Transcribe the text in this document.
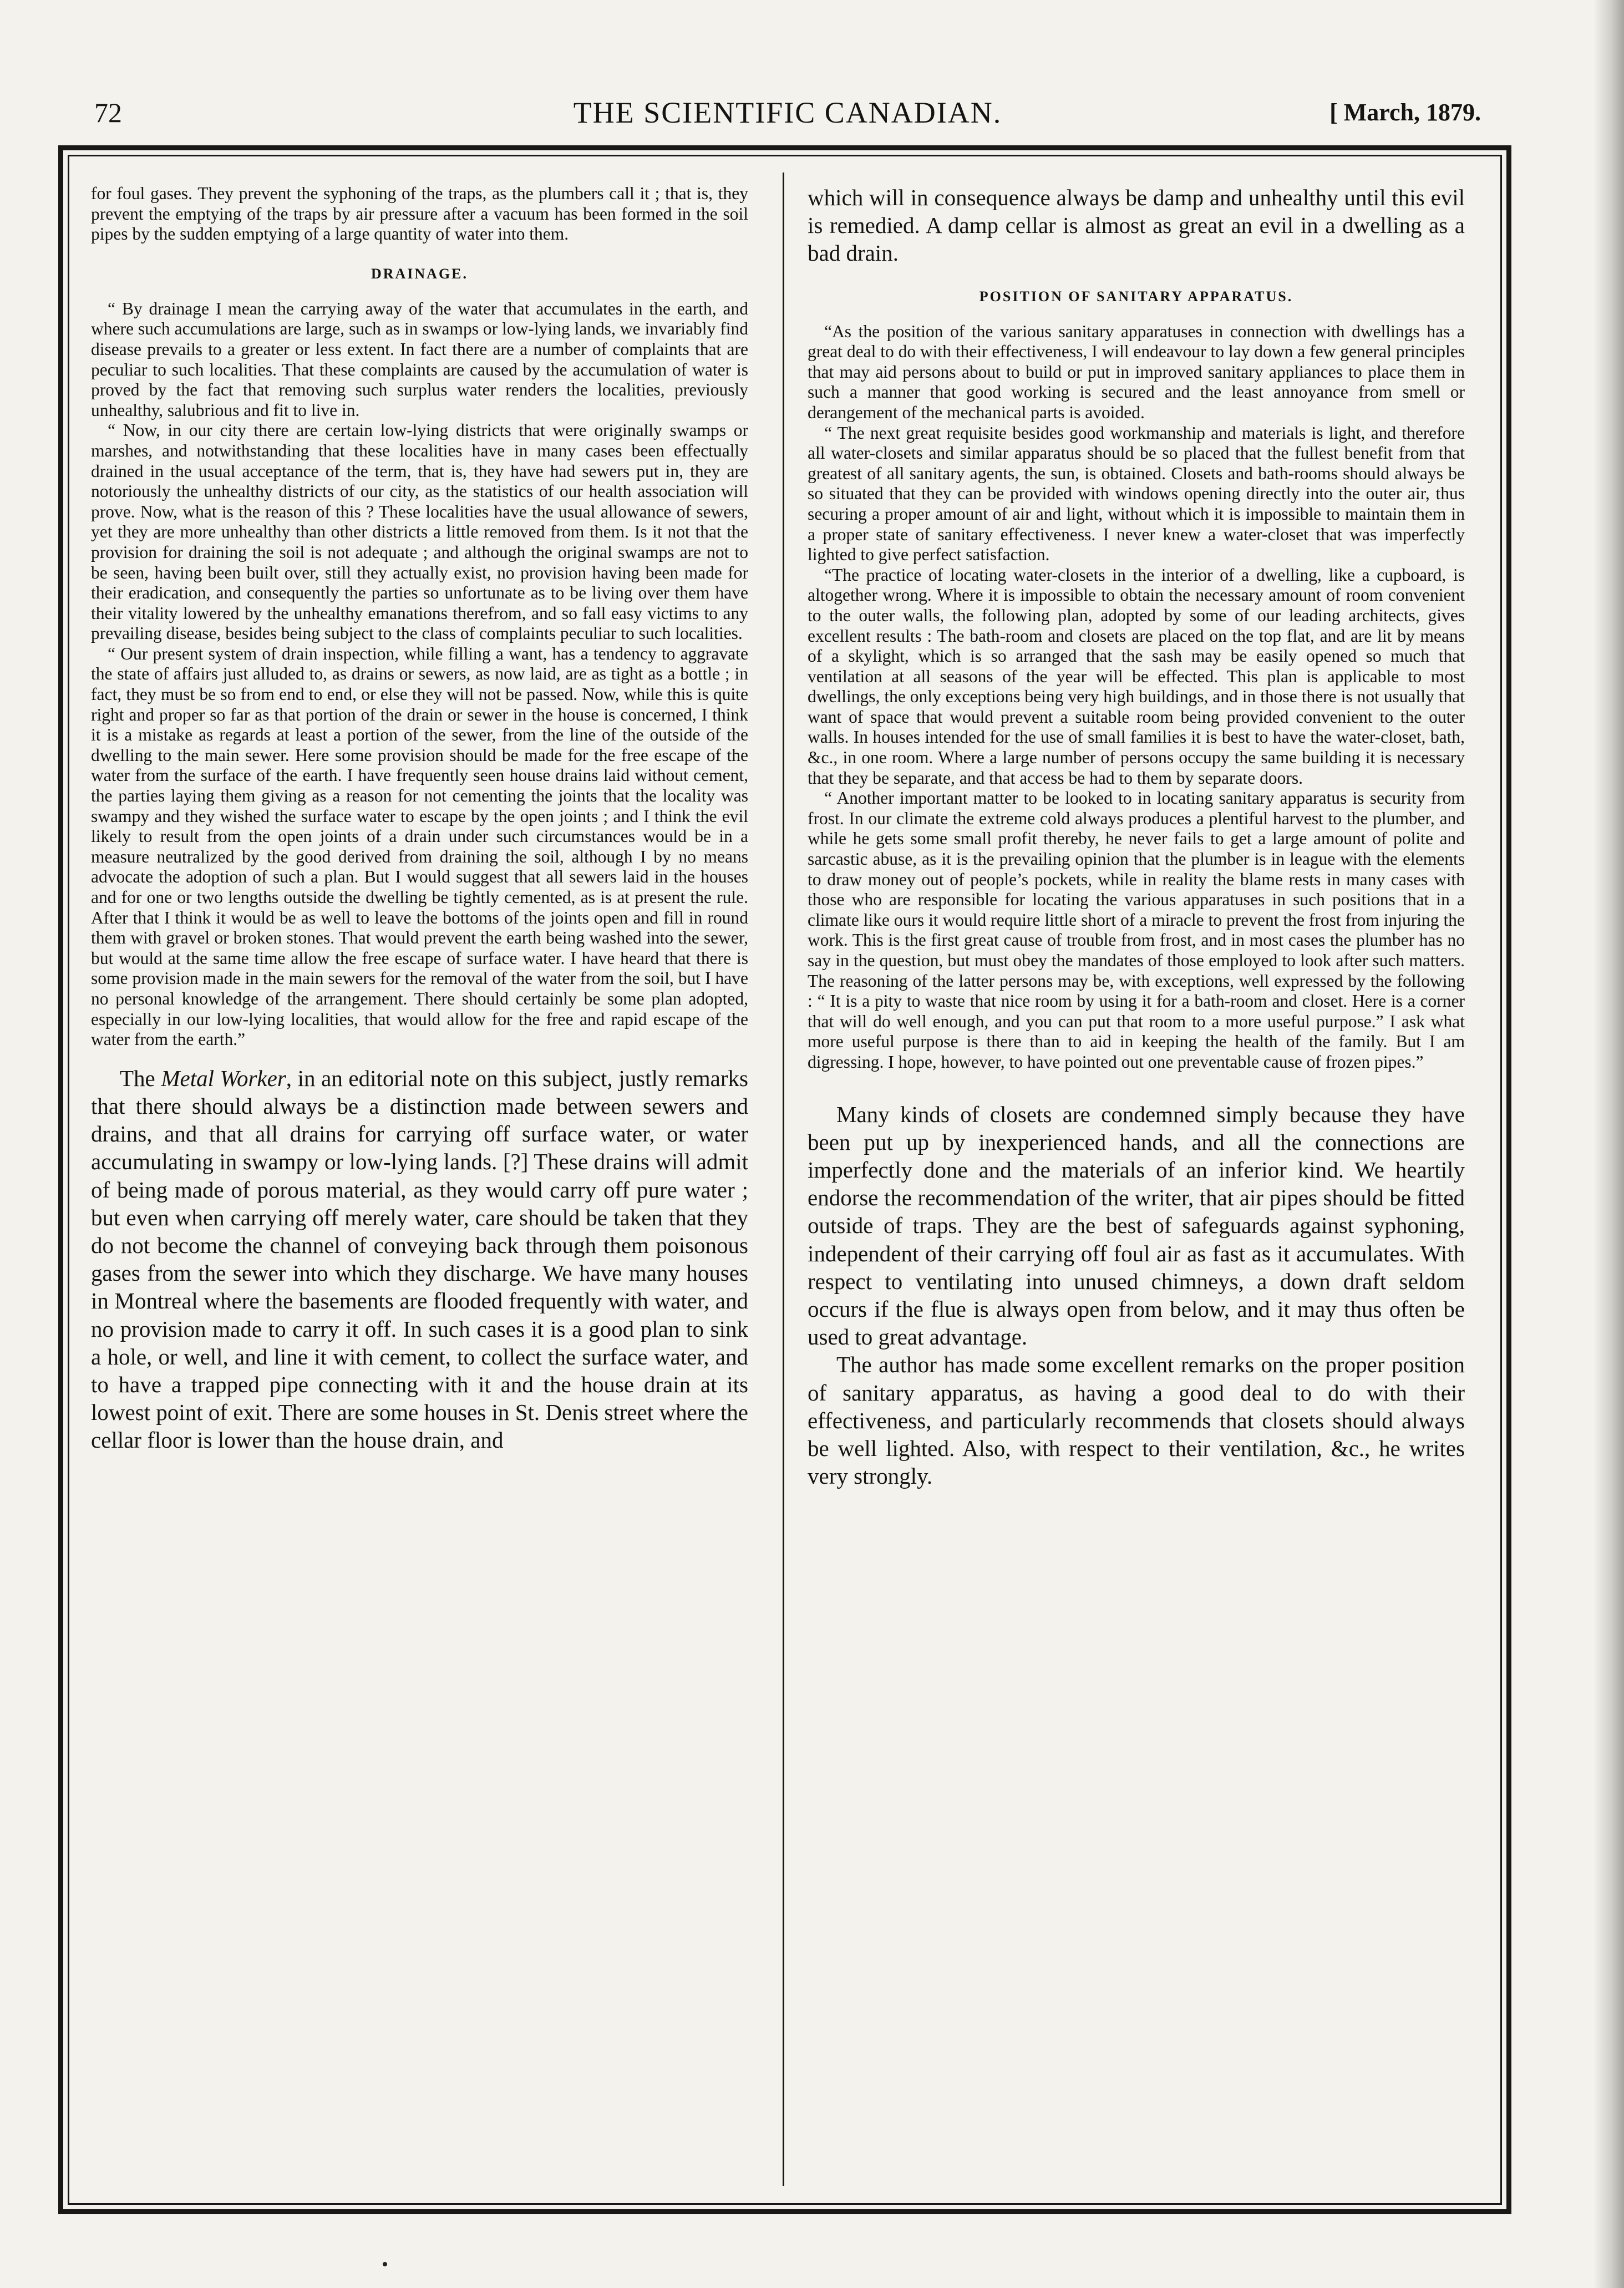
THE SCIENTIFIC CANADIAN.
72	[ March, 1879.

for foul gases. They prevent the syphoning of the traps, as the plumbers call it ; that is, they prevent the emptying of the traps by air pressure after a vacuum has been formed in the soil pipes by the sudden emptying of a large quantity of water into them.

DRAINAGE.

“ By drainage I mean the carrying away of the water that accumulates in the earth, and where such accumulations are large, such as in swamps or low-lying lands, we invariably find disease prevails to a greater or less extent. In fact there are a number of complaints that are peculiar to such localities. That these complaints are caused by the accumulation of water is proved by the fact that removing such surplus water renders the localities, previously unhealthy, salubrious and fit to live in.

“ Now, in our city there are certain low-lying districts that were originally swamps or marshes, and notwithstanding that these localities have in many cases been effectually drained in the usual acceptance of the term, that is, they have had sewers put in, they are notoriously the unhealthy districts of our city, as the statistics of our health association will prove. Now, what is the reason of this ? These localities have the usual allowance of sewers, yet they are more unhealthy than other districts a little removed from them. Is it not that the provision for draining the soil is not adequate ; and although the original swamps are not to be seen, having been built over, still they actually exist, no provision having been made for their eradication, and consequently the parties so unfortunate as to be living over them have their vitality lowered by the unhealthy emanations therefrom, and so fall easy victims to any prevailing disease, besides being subject to the class of complaints peculiar to such localities.

“ Our present system of drain inspection, while filling a want, has a tendency to aggravate the state of affairs just alluded to, as drains or sewers, as now laid, are as tight as a bottle ; in fact, they must be so from end to end, or else they will not be passed. Now, while this is quite right and proper so far as that portion of the drain or sewer in the house is concerned, I think it is a mistake as regards at least a portion of the sewer, from the line of the outside of the dwelling to the main sewer. Here some provision should be made for the free escape of the water from the surface of the earth. I have frequently seen house drains laid without cement, the parties laying them giving as a reason for not cementing the joints that the locality was swampy and they wished the surface water to escape by the open joints ; and I think the evil likely to result from the open joints of a drain under such circumstances would be in a measure neutralized by the good derived from draining the soil, although I by no means advocate the adoption of such a plan. But I would suggest that all sewers laid in the houses and for one or two lengths outside the dwelling be tightly cemented, as is at present the rule. After that I think it would be as well to leave the bottoms of the joints open and fill in round them with gravel or broken stones. That would prevent the earth being washed into the sewer, but would at the same time allow the free escape of surface water. I have heard that there is some provision made in the main sewers for the removal of the water from the soil, but I have no personal knowledge of the arrangement. There should certainly be some plan adopted, especially in our low-lying localities, that would allow for the free and rapid escape of the water from the earth.”

The Metal Worker, in an editorial note on this subject, justly remarks that there should always be a distinction made between sewers and drains, and that all drains for carrying off surface water, or water accumulating in swampy or low-lying lands. [?] These drains will admit of being made of porous material, as they would carry off pure water ; but even when carrying off merely water, care should be taken that they do not become the channel of conveying back through them poisonous gases from the sewer into which they discharge. We have many houses in Montreal where the basements are flooded frequently with water, and no provision made to carry it off. In such cases it is a good plan to sink a hole, or well, and line it with cement, to collect the surface water, and to have a trapped pipe connecting with it and the house drain at its lowest point of exit. There are some houses in St. Denis street where the cellar floor is lower than the house drain, and

which will in consequence always be damp and unhealthy until this evil is remedied. A damp cellar is almost as great an evil in a dwelling as a bad drain.

POSITION OF SANITARY APPARATUS.

“As the position of the various sanitary apparatuses in connection with dwellings has a great deal to do with their effectiveness, I will endeavour to lay down a few general principles that may aid persons about to build or put in improved sanitary appliances to place them in such a manner that good working is secured and the least annoyance from smell or derangement of the mechanical parts is avoided.

“ The next great requisite besides good workmanship and materials is light, and therefore all water-closets and similar apparatus should be so placed that the fullest benefit from that greatest of all sanitary agents, the sun, is obtained. Closets and bath-rooms should always be so situated that they can be provided with windows opening directly into the outer air, thus securing a proper amount of air and light, without which it is impossible to maintain them in a proper state of sanitary effectiveness. I never knew a water-closet that was imperfectly lighted to give perfect satisfaction.

“The practice of locating water-closets in the interior of a dwelling, like a cupboard, is altogether wrong. Where it is impossible to obtain the necessary amount of room convenient to the outer walls, the following plan, adopted by some of our leading architects, gives excellent results : The bath-room and closets are placed on the top flat, and are lit by means of a skylight, which is so arranged that the sash may be easily opened so much that ventilation at all seasons of the year will be effected. This plan is applicable to most dwellings, the only exceptions being very high buildings, and in those there is not usually that want of space that would prevent a suitable room being provided convenient to the outer walls. In houses intended for the use of small families it is best to have the water-closet, bath, &c., in one room. Where a large number of persons occupy the same building it is necessary that they be separate, and that access be had to them by separate doors.

“ Another important matter to be looked to in locating sanitary apparatus is security from frost. In our climate the extreme cold always produces a plentiful harvest to the plumber, and while he gets some small profit thereby, he never fails to get a large amount of polite and sarcastic abuse, as it is the prevailing opinion that the plumber is in league with the elements to draw money out of people’s pockets, while in reality the blame rests in many cases with those who are responsible for locating the various apparatuses in such positions that in a climate like ours it would require little short of a miracle to prevent the frost from injuring the work. This is the first great cause of trouble from frost, and in most cases the plumber has no say in the question, but must obey the mandates of those employed to look after such matters. The reasoning of the latter persons may be, with exceptions, well expressed by the following : “ It is a pity to waste that nice room by using it for a bath-room and closet. Here is a corner that will do well enough, and you can put that room to a more useful purpose.” I ask what more useful purpose is there than to aid in keeping the health of the family. But I am digressing. I hope, however, to have pointed out one preventable cause of frozen pipes.”

Many kinds of closets are condemned simply because they have been put up by inexperienced hands, and all the connections are imperfectly done and the materials of an inferior kind. We heartily endorse the recommendation of the writer, that air pipes should be fitted outside of traps. They are the best of safeguards against syphoning, independent of their carrying off foul air as fast as it accumulates. With respect to ventilating into unused chimneys, a down draft seldom occurs if the flue is always open from below, and it may thus often be used to great advantage.

The author has made some excellent remarks on the proper position of sanitary apparatus, as having a good deal to do with their effectiveness, and particularly recommends that closets should always be well lighted. Also, with respect to their ventilation, &c., he writes very strongly.
